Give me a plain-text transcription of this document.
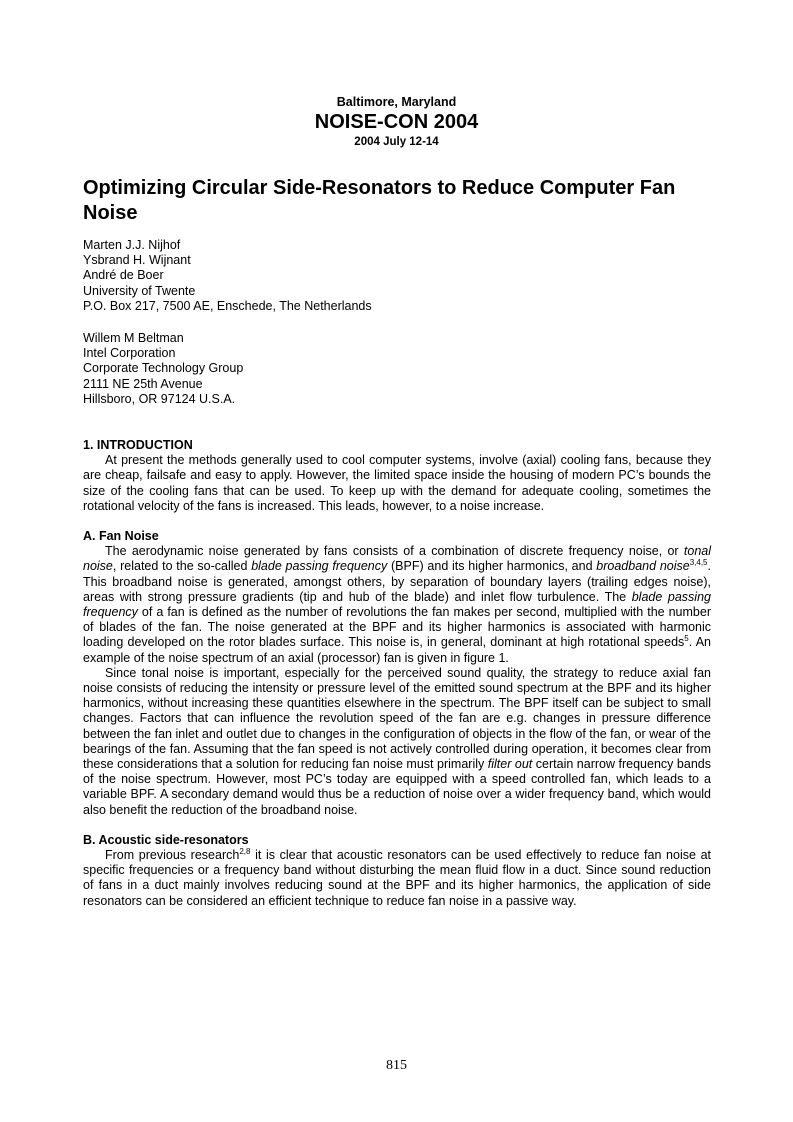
Baltimore, Maryland
NOISE-CON 2004
2004 July 12-14
Optimizing Circular Side-Resonators to Reduce Computer Fan Noise
Marten J.J. Nijhof
Ysbrand H. Wijnant
André de Boer
University of Twente
P.O. Box 217, 7500 AE, Enschede, The Netherlands
Willem M Beltman
Intel Corporation
Corporate Technology Group
2111 NE 25th Avenue
Hillsboro, OR 97124 U.S.A.
1. INTRODUCTION

At present the methods generally used to cool computer systems, involve (axial) cooling fans, because they are cheap, failsafe and easy to apply. However, the limited space inside the housing of modern PC’s bounds the size of the cooling fans that can be used. To keep up with the demand for adequate cooling, sometimes the rotational velocity of the fans is increased. This leads, however, to a noise increase.

A. Fan Noise

The aerodynamic noise generated by fans consists of a combination of discrete frequency noise, or tonal noise, related to the so-called blade passing frequency (BPF) and its higher harmonics, and broadband noise$^{3,4,5}$. This broadband noise is generated, amongst others, by separation of boundary layers (trailing edges noise), areas with strong pressure gradients (tip and hub of the blade) and inlet flow turbulence. The blade passing frequency of a fan is defined as the number of revolutions the fan makes per second, multiplied with the number of blades of the fan. The noise generated at the BPF and its higher harmonics is associated with harmonic loading developed on the rotor blades surface. This noise is, in general, dominant at high rotational speeds$^5$. An example of the noise spectrum of an axial (processor) fan is given in figure 1.

Since tonal noise is important, especially for the perceived sound quality, the strategy to reduce axial fan noise consists of reducing the intensity or pressure level of the emitted sound spectrum at the BPF and its higher harmonics, without increasing these quantities elsewhere in the spectrum. The BPF itself can be subject to small changes. Factors that can influence the revolution speed of the fan are e.g. changes in pressure difference between the fan inlet and outlet due to changes in the configuration of objects in the flow of the fan, or wear of the bearings of the fan. Assuming that the fan speed is not actively controlled during operation, it becomes clear from these considerations that a solution for reducing fan noise must primarily filter out certain narrow frequency bands of the noise spectrum. However, most PC’s today are equipped with a speed controlled fan, which leads to a variable BPF. A secondary demand would thus be a reduction of noise over a wider frequency band, which would also benefit the reduction of the broadband noise.

B. Acoustic side-resonators

From previous research$^{2,8}$ it is clear that acoustic resonators can be used effectively to reduce fan noise at specific frequencies or a frequency band without disturbing the mean fluid flow in a duct. Since sound reduction of fans in a duct mainly involves reducing sound at the BPF and its higher harmonics, the application of side resonators can be considered an efficient technique to reduce fan noise in a passive way.

815
